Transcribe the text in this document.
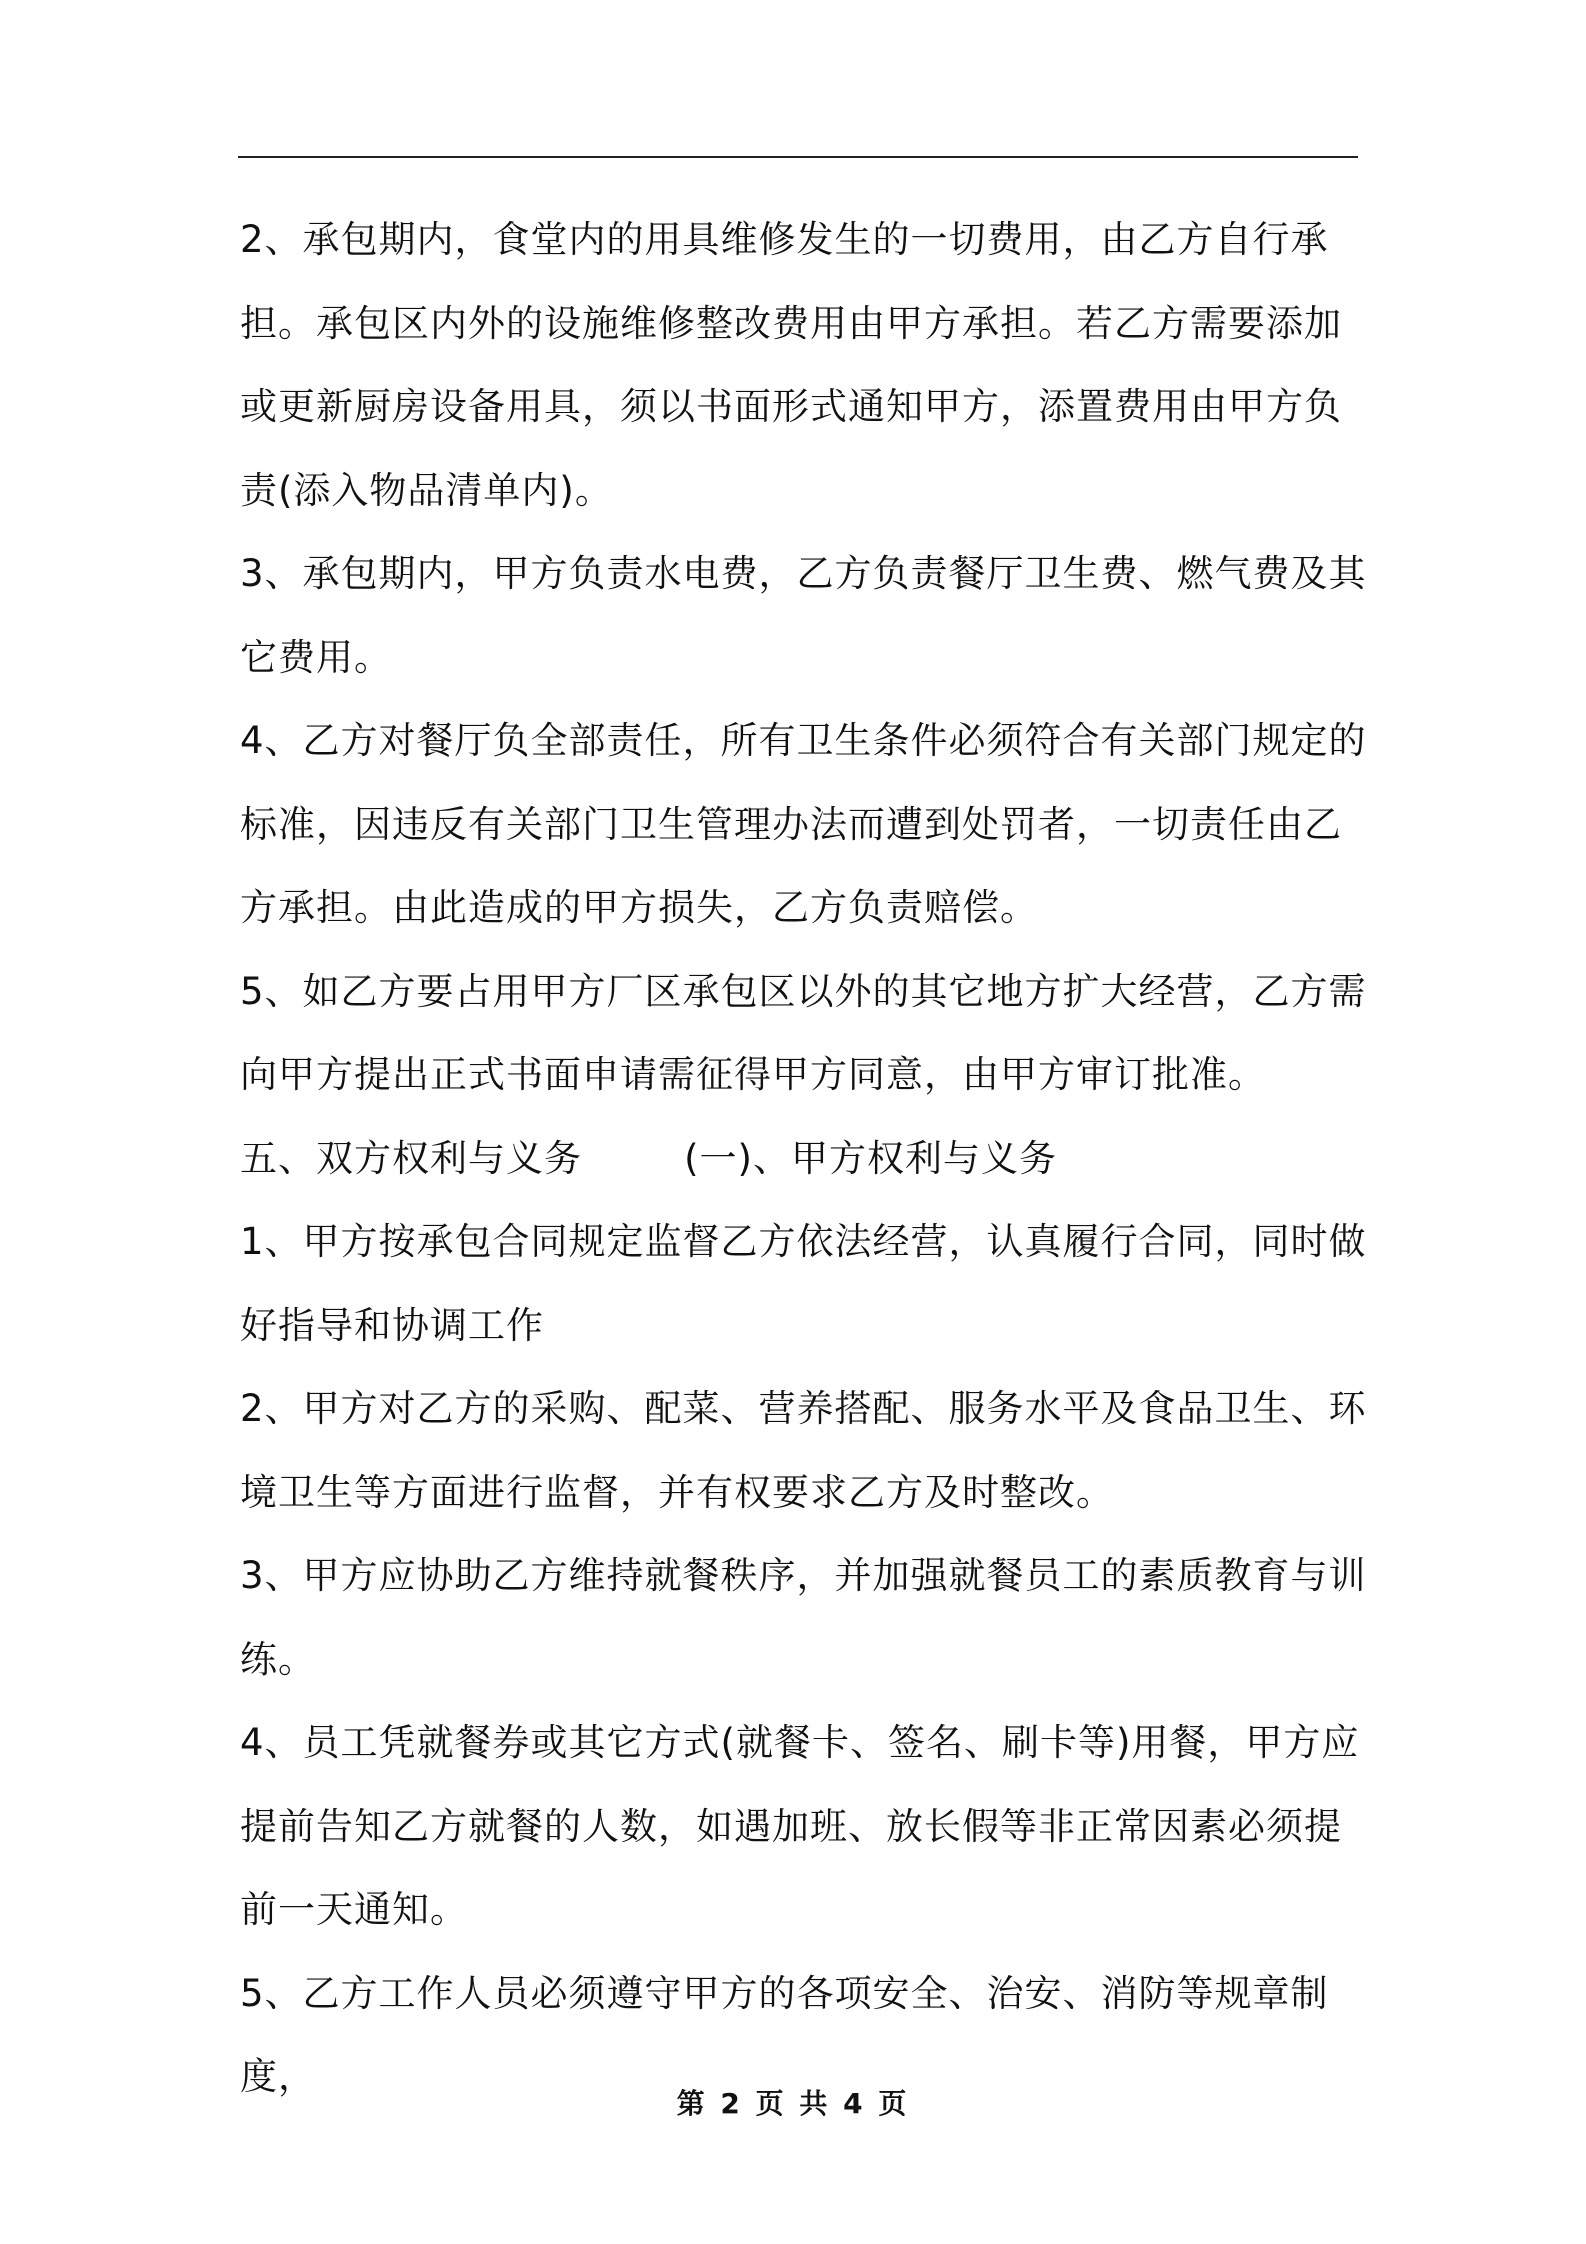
2、承包期内，食堂内的用具维修发生的一切费用，由乙方自行承担。承包区内外的设施维修整改费用由甲方承担。若乙方需要添加或更新厨房设备用具，须以书面形式通知甲方，添置费用由甲方负责(添入物品清单内)。

3、承包期内，甲方负责水电费，乙方负责餐厅卫生费、燃气费及其它费用。

4、乙方对餐厅负全部责任，所有卫生条件必须符合有关部门规定的标准，因违反有关部门卫生管理办法而遭到处罚者，一切责任由乙方承担。由此造成的甲方损失，乙方负责赔偿。

5、如乙方要占用甲方厂区承包区以外的其它地方扩大经营，乙方需向甲方提出正式书面申请需征得甲方同意，由甲方审订批准。

五、双方权利与义务        (一)、甲方权利与义务

1、甲方按承包合同规定监督乙方依法经营，认真履行合同，同时做好指导和协调工作

2、甲方对乙方的采购、配菜、营养搭配、服务水平及食品卫生、环境卫生等方面进行监督，并有权要求乙方及时整改。

3、甲方应协助乙方维持就餐秩序，并加强就餐员工的素质教育与训练。

4、员工凭就餐券或其它方式(就餐卡、签名、刷卡等)用餐，甲方应提前告知乙方就餐的人数，如遇加班、放长假等非正常因素必须提前一天通知。

5、乙方工作人员必须遵守甲方的各项安全、治安、消防等规章制度，

第 2 页 共 4 页
